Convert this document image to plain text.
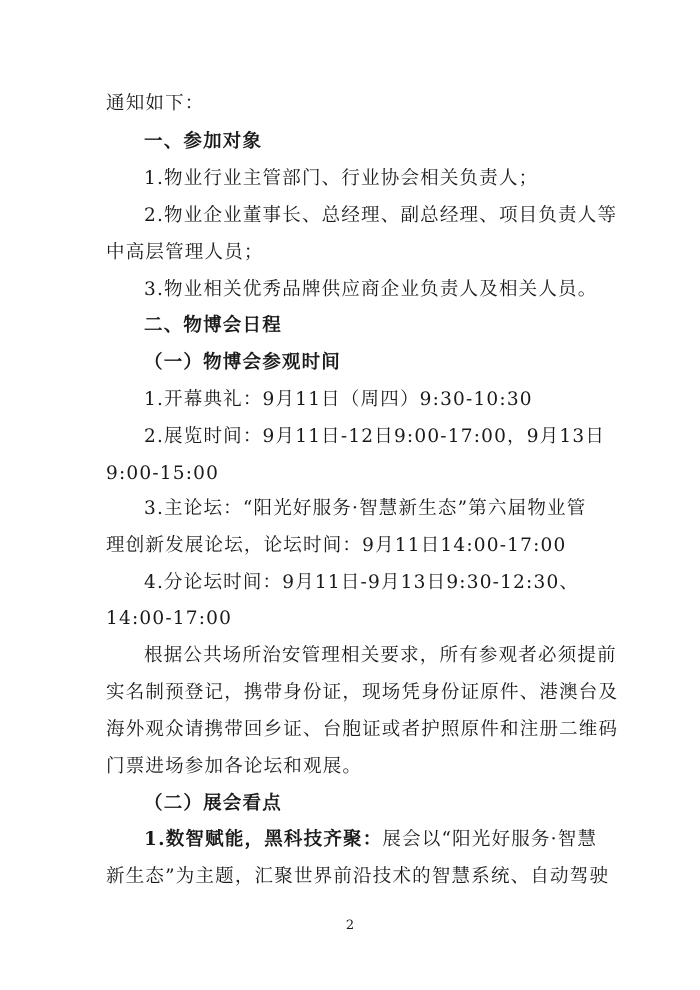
通知如下：
一、参加对象
1.物业行业主管部门、行业协会相关负责人；
2.物业企业董事长、总经理、副总经理、项目负责人等
中高层管理人员；
3.物业相关优秀品牌供应商企业负责人及相关人员。
二、物博会日程
（一）物博会参观时间
1.开幕典礼：9月11日（周四）9:30-10:30
2.展览时间：9月11日-12日9:00-17:00，9月13日
9:00-15:00
3.主论坛：“阳光好服务·智慧新生态”第六届物业管
理创新发展论坛，论坛时间：9月11日14:00-17:00
4.分论坛时间：9月11日-9月13日9:30-12:30、
14:00-17:00
根据公共场所治安管理相关要求，所有参观者必须提前
实名制预登记，携带身份证，现场凭身份证原件、港澳台及
海外观众请携带回乡证、台胞证或者护照原件和注册二维码
门票进场参加各论坛和观展。
（二）展会看点
1.数智赋能，黑科技齐聚：展会以“阳光好服务·智慧
新生态”为主题，汇聚世界前沿技术的智慧系统、自动驾驶
2
